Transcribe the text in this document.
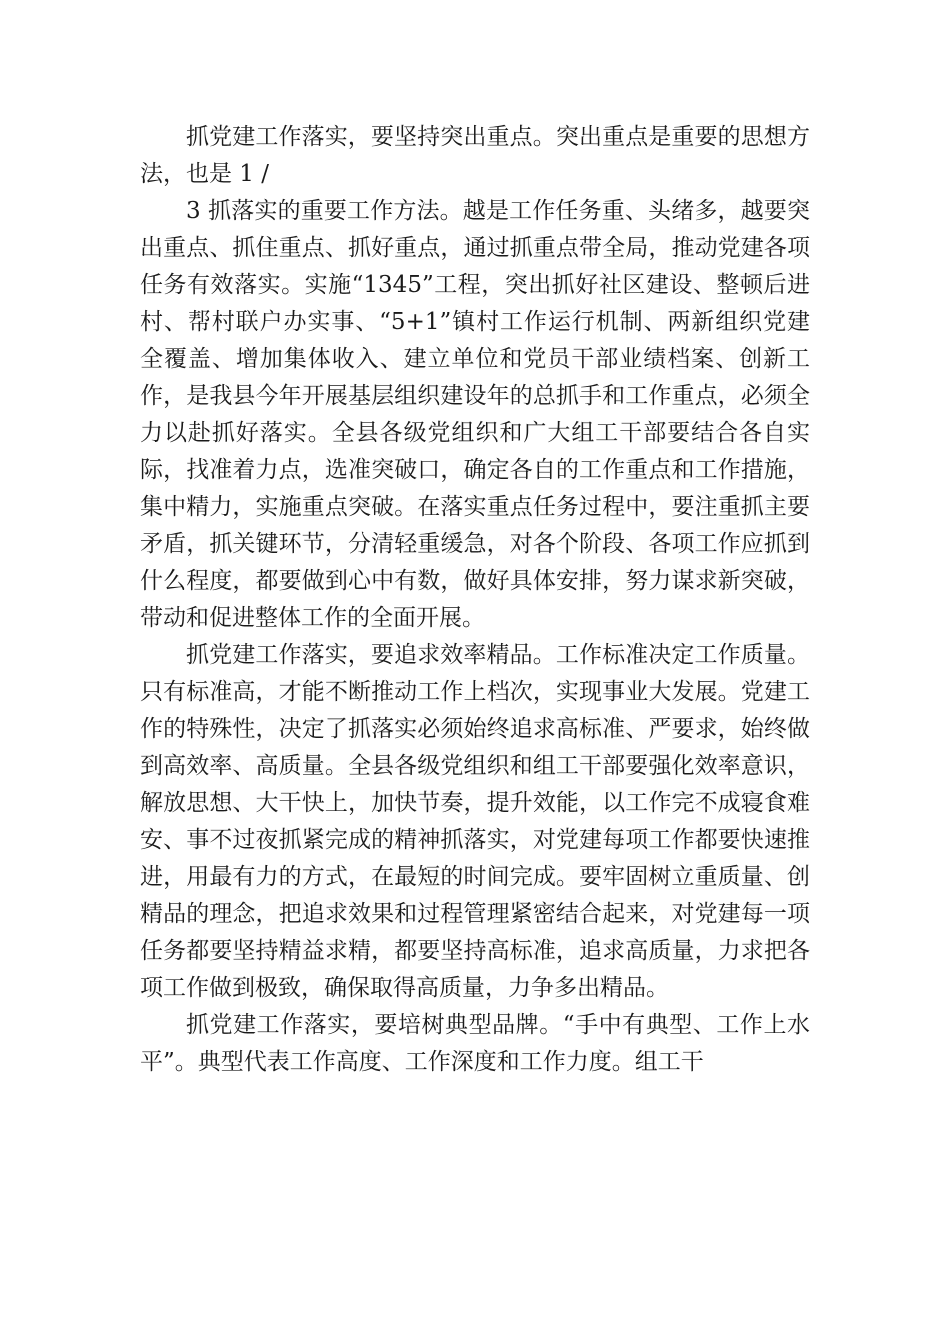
抓党建工作落实，要坚持突出重点。突出重点是重要的思想方法，也是 1 /

3 抓落实的重要工作方法。越是工作任务重、头绪多，越要突出重点、抓住重点、抓好重点，通过抓重点带全局，推动党建各项任务有效落实。实施“1345”工程，突出抓好社区建设、整顿后进村、帮村联户办实事、“5+1”镇村工作运行机制、两新组织党建全覆盖、增加集体收入、建立单位和党员干部业绩档案、创新工作，是我县今年开展基层组织建设年的总抓手和工作重点，必须全力以赴抓好落实。全县各级党组织和广大组工干部要结合各自实际，找准着力点，选准突破口，确定各自的工作重点和工作措施，集中精力，实施重点突破。在落实重点任务过程中，要注重抓主要矛盾，抓关键环节，分清轻重缓急，对各个阶段、各项工作应抓到什么程度，都要做到心中有数，做好具体安排，努力谋求新突破，带动和促进整体工作的全面开展。

抓党建工作落实，要追求效率精品。工作标准决定工作质量。只有标准高，才能不断推动工作上档次，实现事业大发展。党建工作的特殊性，决定了抓落实必须始终追求高标准、严要求，始终做到高效率、高质量。全县各级党组织和组工干部要强化效率意识，解放思想、大干快上，加快节奏，提升效能，以工作完不成寝食难安、事不过夜抓紧完成的精神抓落实，对党建每项工作都要快速推进，用最有力的方式，在最短的时间完成。要牢固树立重质量、创精品的理念，把追求效果和过程管理紧密结合起来，对党建每一项任务都要坚持精益求精，都要坚持高标准，追求高质量，力求把各项工作做到极致，确保取得高质量，力争多出精品。

抓党建工作落实，要培树典型品牌。“手中有典型、工作上水平”。典型代表工作高度、工作深度和工作力度。组工干
